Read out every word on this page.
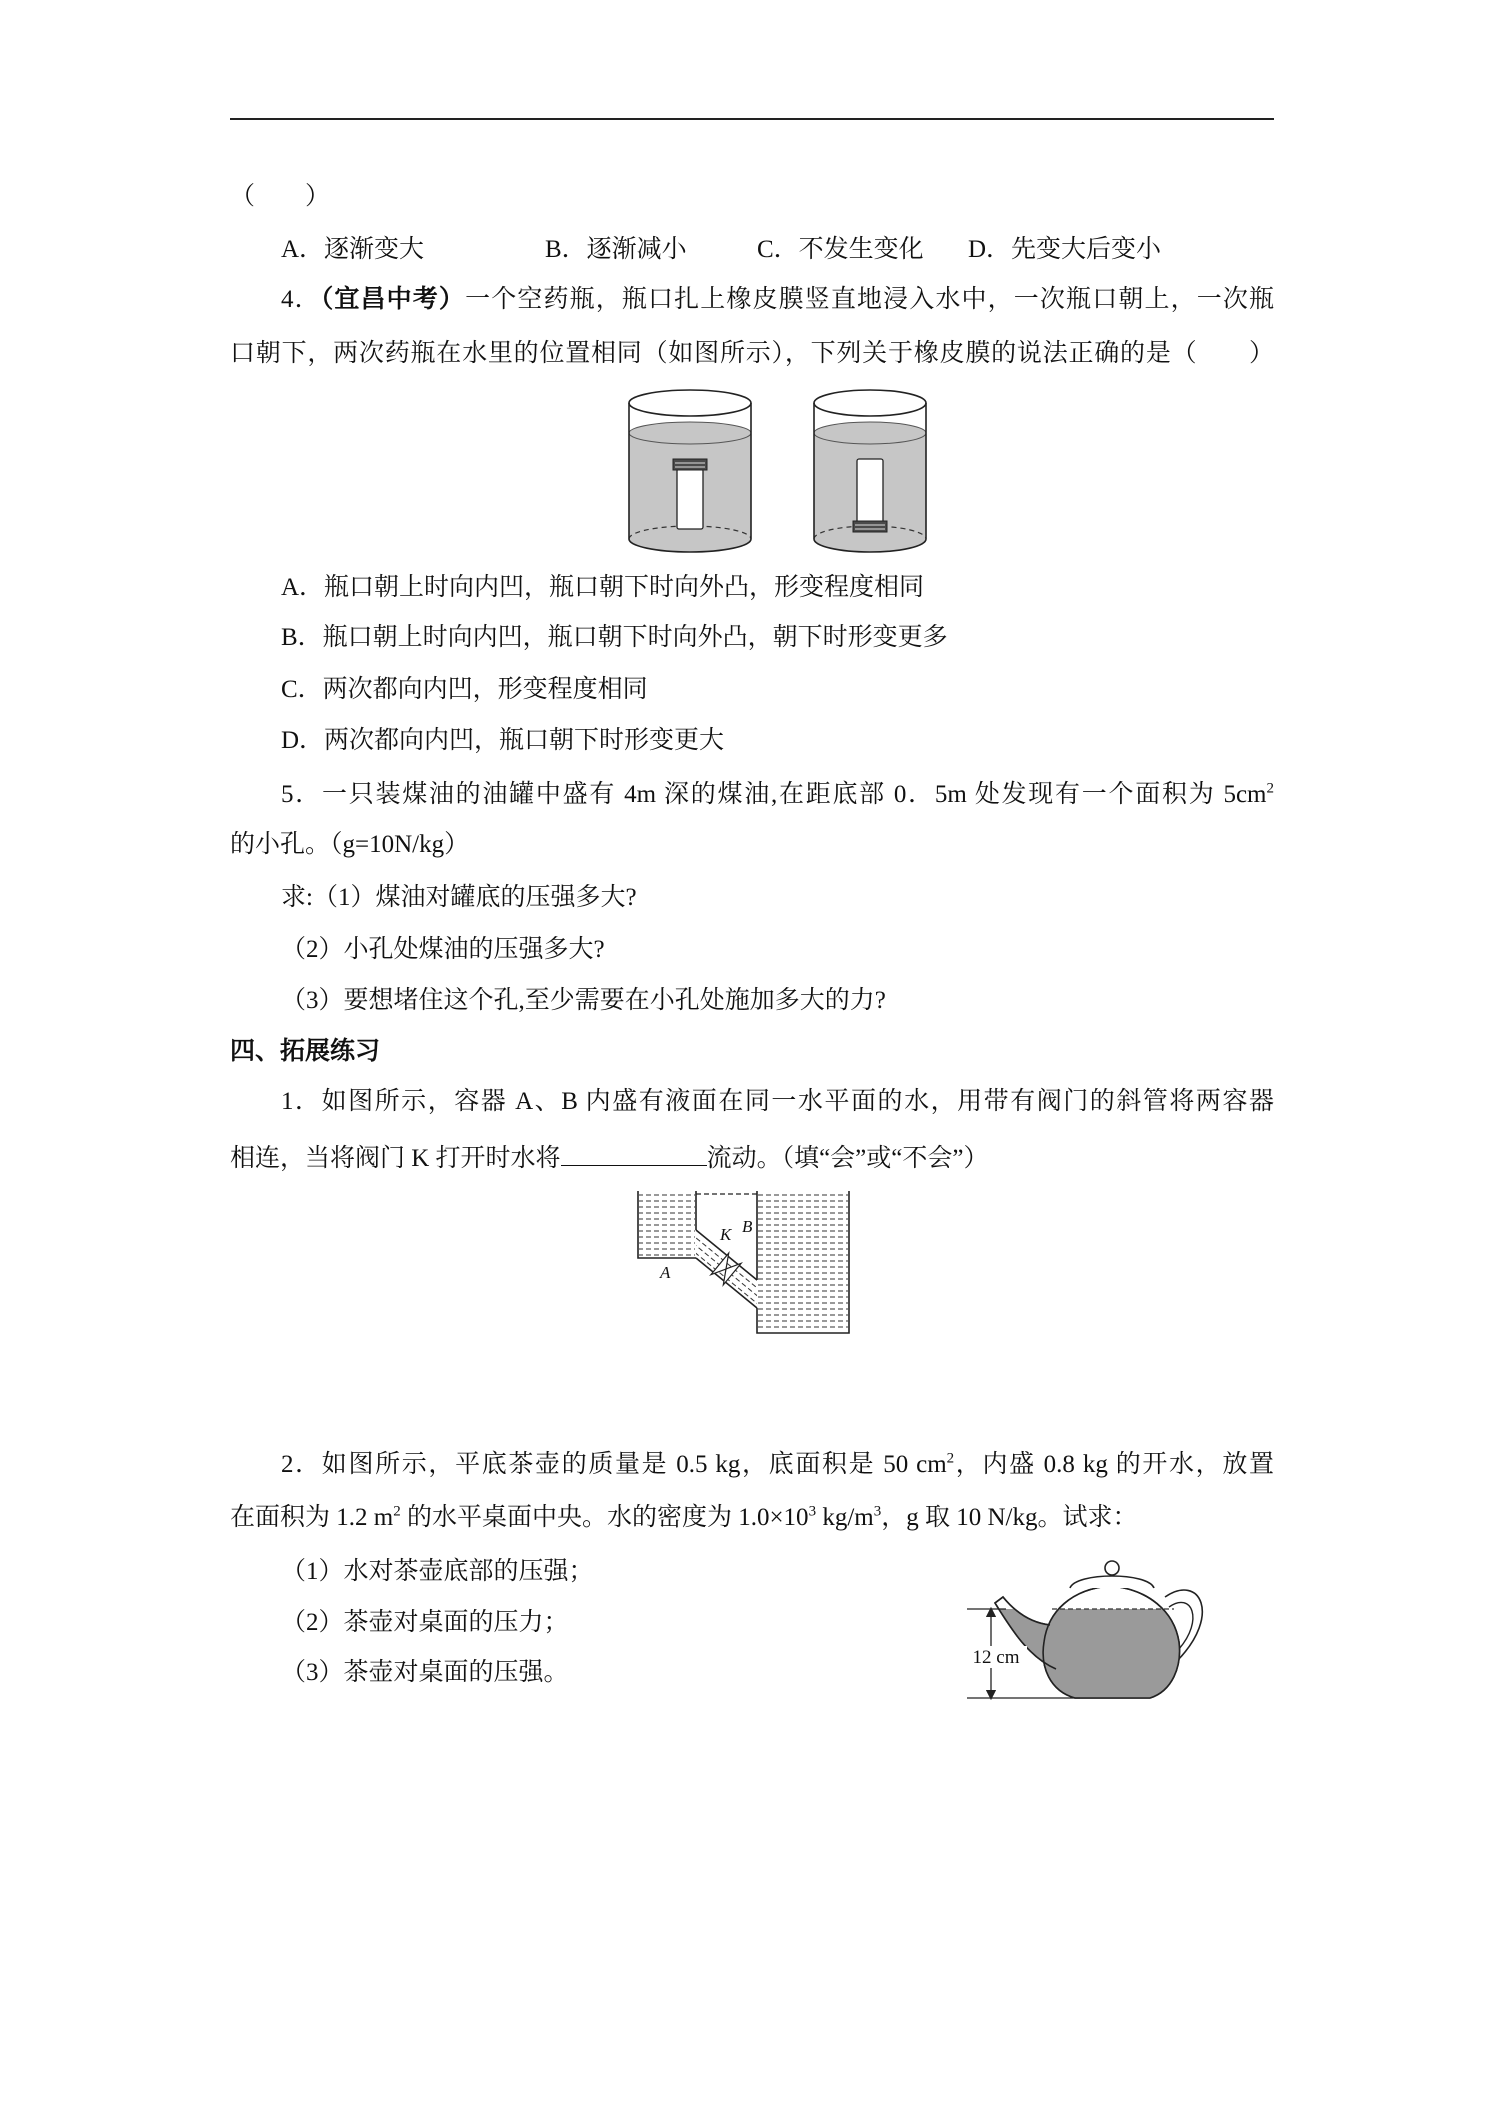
（　　）
A．逐渐变大	B．逐渐减小	C．不发生变化 D．先变大后变小
4．（宜昌中考）一个空药瓶，瓶口扎上橡皮膜竖直地浸入水中，一次瓶口朝上，一次瓶
口朝下，两次药瓶在水里的位置相同（如图所示），下列关于橡皮膜的说法正确的是（　　）
A．瓶口朝上时向内凹，瓶口朝下时向外凸，形变程度相同
B．瓶口朝上时向内凹，瓶口朝下时向外凸，朝下时形变更多
C．两次都向内凹，形变程度相同
D．两次都向内凹，瓶口朝下时形变更大
5．一只装煤油的油罐中盛有 4m 深的煤油,在距底部 0．5m 处发现有一个面积为 $5cm^2$
的小孔。（g=10N/kg）
求:（1）煤油对罐底的压强多大?
（2）小孔处煤油的压强多大?
（3）要想堵住这个孔,至少需要在小孔处施加多大的力?
四、拓展练习
1．如图所示，容器 A、B 内盛有液面在同一水平面的水，用带有阀门的斜管将两容器
相连，当将阀门 K 打开时水将	流动。（填“会”或“不会”）
A
K B
2．如图所示，平底茶壶的质量是 0.5 kg，底面积是 50 $cm^2$，内盛 0.8 kg 的开水，放置
在面积为 1.2 $m^2$ 的水平桌面中央。水的密度为 $1.0\times 10^3$ $kg/m^3$，g 取 10 N/kg。试求：
（1）水对茶壶底部的压强；
（2）茶壶对桌面的压力；
（3）茶壶对桌面的压强。
12 cm
